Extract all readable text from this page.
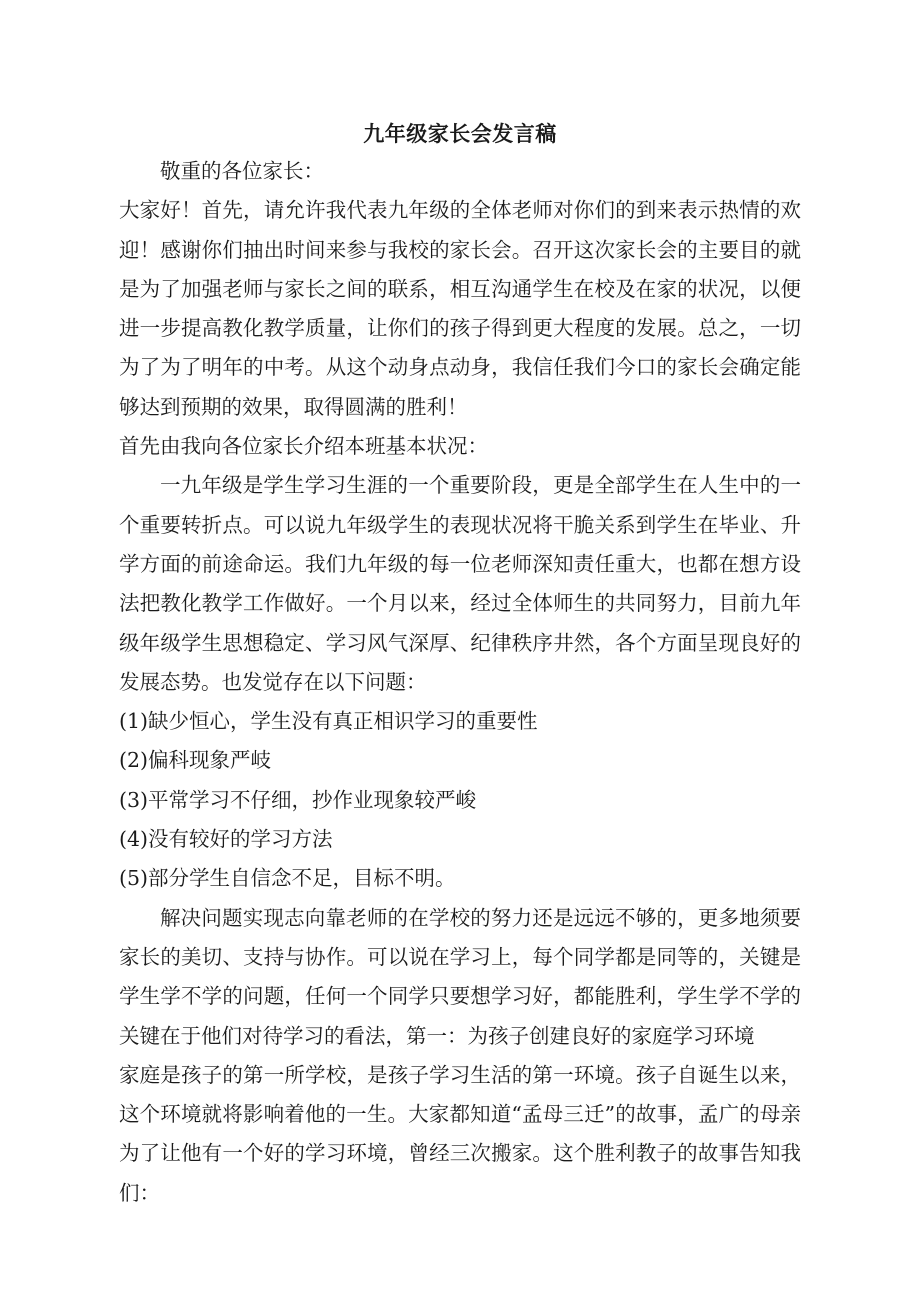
九年级家长会发言稿

敬重的各位家长：

大家好！首先，请允许我代表九年级的全体老师对你们的到来表示热情的欢迎！感谢你们抽出时间来参与我校的家长会。召开这次家长会的主要目的就是为了加强老师与家长之间的联系，相互沟通学生在校及在家的状况，以便进一步提高教化教学质量，让你们的孩子得到更大程度的发展。总之，一切为了为了明年的中考。从这个动身点动身，我信任我们今口的家长会确定能够达到预期的效果，取得圆满的胜利！

首先由我向各位家长介绍本班基本状况：

一九年级是学生学习生涯的一个重要阶段，更是全部学生在人生中的一个重要转折点。可以说九年级学生的表现状况将干脆关系到学生在毕业、升学方面的前途命运。我们九年级的每一位老师深知责任重大，也都在想方设法把教化教学工作做好。一个月以来，经过全体师生的共同努力，目前九年级年级学生思想稳定、学习风气深厚、纪律秩序井然，各个方面呈现良好的发展态势。也发觉存在以下问题：

(1)缺少恒心，学生没有真正相识学习的重要性

(2)偏科现象严岐

(3)平常学习不仔细，抄作业现象较严峻

(4)没有较好的学习方法

(5)部分学生自信念不足，目标不明。

解决问题实现志向靠老师的在学校的努力还是远远不够的，更多地须要家长的美切、支持与协作。可以说在学习上，每个同学都是同等的，关键是学生学不学的问题，任何一个同学只要想学习好，都能胜利，学生学不学的关键在于他们对待学习的看法，第一：为孩子创建良好的家庭学习环境

家庭是孩子的第一所学校，是孩子学习生活的第一环境。孩子自诞生以来，这个环境就将影响着他的一生。大家都知道“孟母三迁”的故事，孟广的母亲为了让他有一个好的学习环境，曾经三次搬家。这个胜利教子的故事告知我们：
